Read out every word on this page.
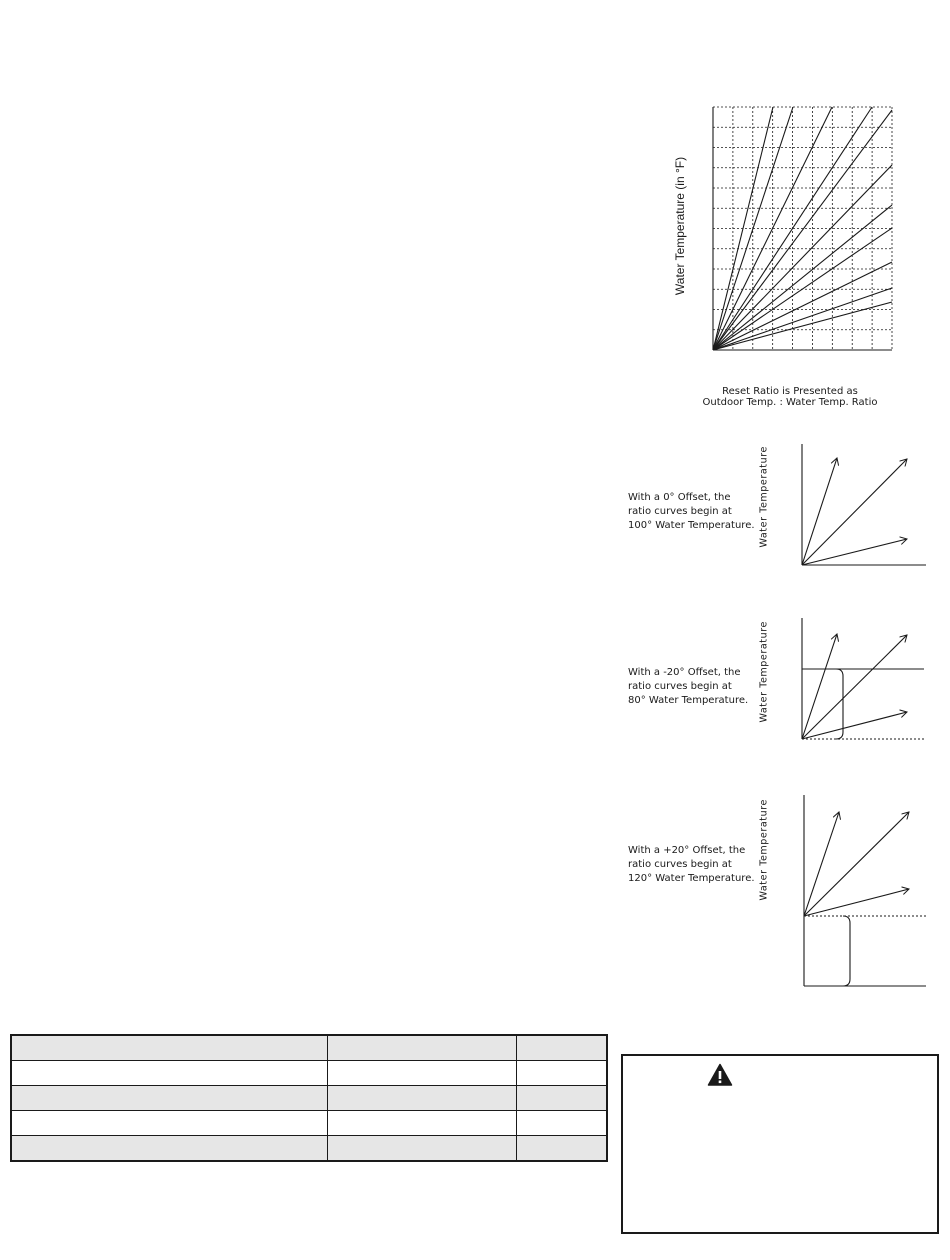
Water Temperature (in °F)
Reset Ratio is Presented as
Outdoor Temp. : Water Temp. Ratio
With a 0° Offset, the
ratio curves begin at
100° Water Temperature. Water Temperature
With a -20° Offset, the
ratio curves begin at
80° Water Temperature.	Water Temperature
With a +20° Offset, the
ratio curves begin at
120° Water Temperature. Water Temperature
